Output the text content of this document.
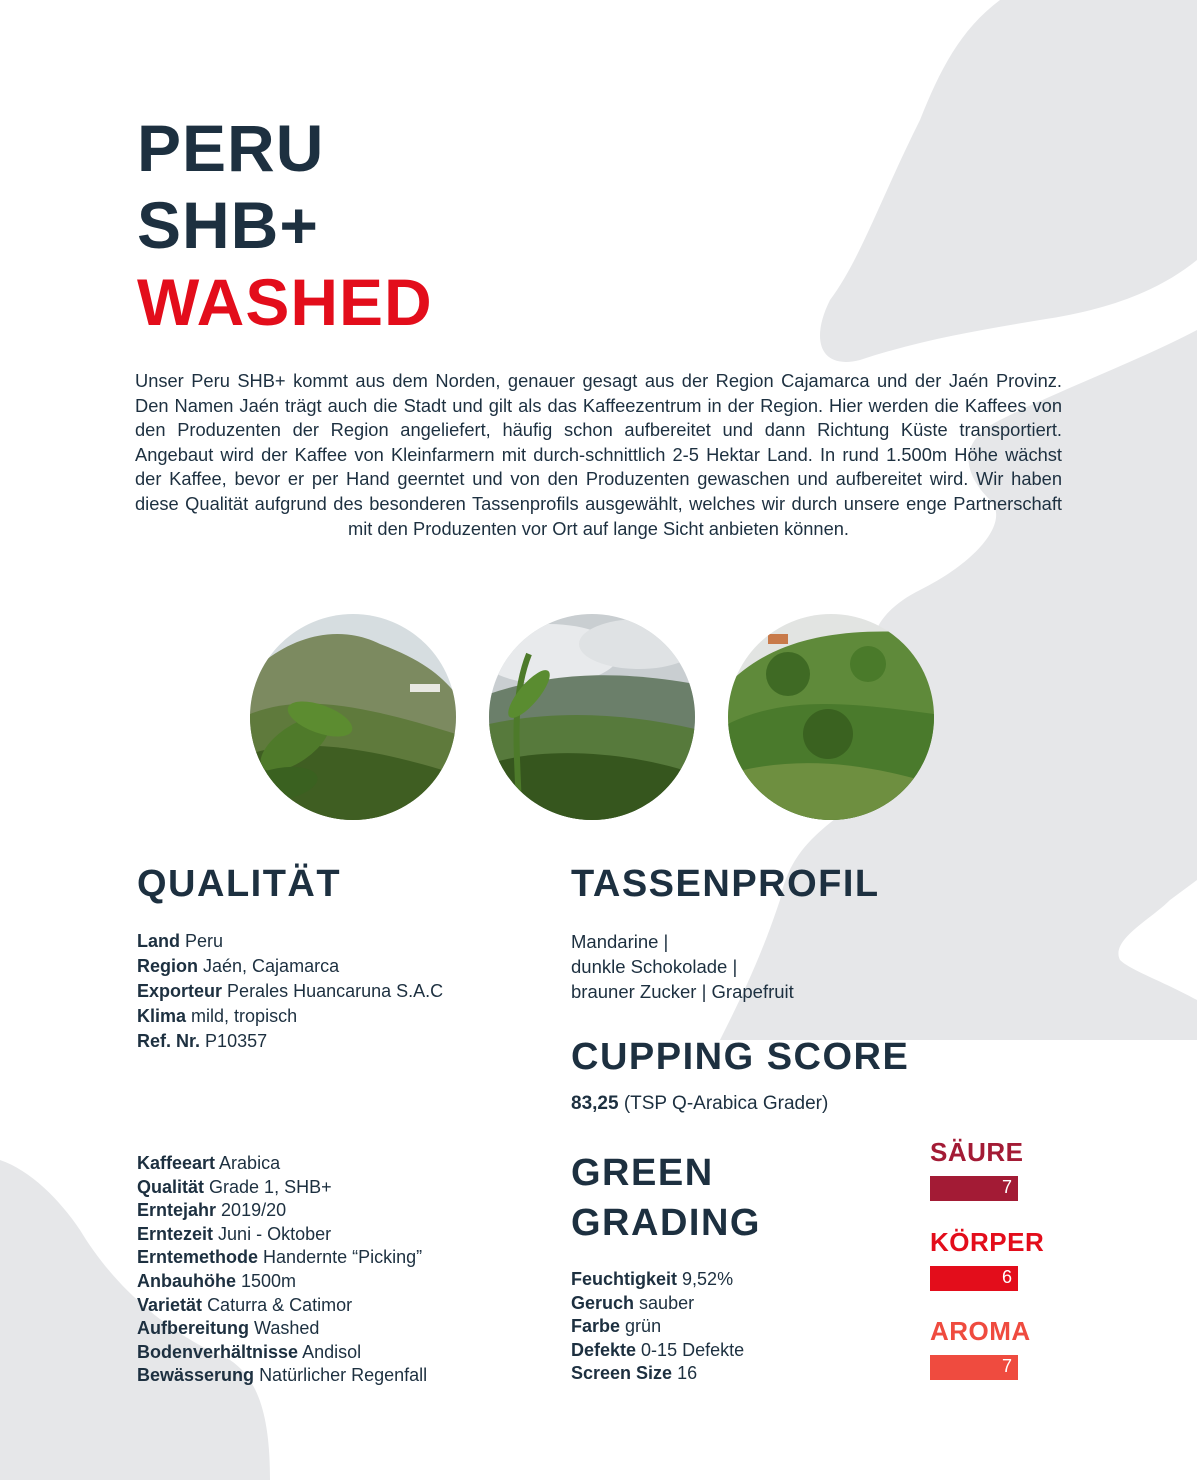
PERU
SHB+
WASHED
Unser Peru SHB+ kommt aus dem Norden, genauer gesagt aus der Region Cajamarca und der Jaén Provinz. Den Namen Jaén trägt auch die Stadt und gilt als das Kaffeezentrum in der Region. Hier werden die Kaffees von den Produzenten der Region angeliefert, häufig schon aufbereitet und dann Richtung Küste transportiert. Angebaut wird der Kaffee von Kleinfarmern mit durch-schnittlich 2-5 Hektar Land. In rund 1.500m Höhe wächst der Kaffee, bevor er per Hand geerntet und von den Produzenten gewaschen und aufbereitet wird. Wir haben diese Qualität aufgrund des besonderen Tassenprofils ausgewählt, welches wir durch unsere enge Partnerschaft mit den Produzenten vor Ort auf lange Sicht anbieten können.
QUALITÄT
Land Peru
Region Jaén, Cajamarca
Exporteur Perales Huancaruna S.A.C
Klima mild, tropisch
Ref. Nr. P10357
Kaffeeart Arabica
Qualität Grade 1, SHB+
Erntejahr 2019/20
Erntezeit Juni - Oktober
Erntemethode Handernte “Picking”
Anbauhöhe 1500m
Varietät Caturra & Catimor
Aufbereitung Washed
Bodenverhältnisse Andisol
Bewässerung Natürlicher Regenfall
TASSENPROFIL
Mandarine |
dunkle Schokolade |
brauner Zucker | Grapefruit
CUPPING SCORE
83,25 (TSP Q-Arabica Grader)
GREEN
GRADING
Feuchtigkeit 9,52%
Geruch sauber
Farbe grün
Defekte 0-15 Defekte
Screen Size 16
SÄURE
7
KÖRPER
6
AROMA
7
